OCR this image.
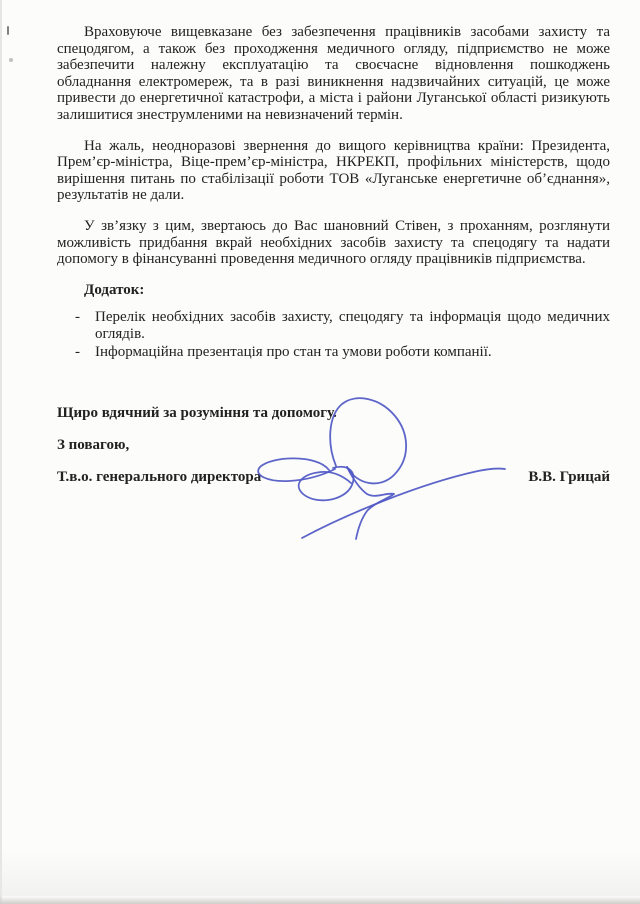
Враховуюче вищевказане без забезпечення працівників засобами захисту та спецодягом, а також без проходження медичного огляду, підприємство не може забезпечити належну експлуатацію та своєчасне відновлення пошкоджень обладнання електромереж, та в разі виникнення надзвичайних ситуацій, це може привести до енергетичної катастрофи, а міста і райони Луганської області ризикують залишитися знеструмленими на невизначений термін.

На жаль, неодноразові звернення до вищого керівництва країни: Президента, Прем’єр-міністра, Віце-прем’єр-міністра, НКРЕКП, профільних міністерств, щодо вирішення питань по стабілізації роботи ТОВ «Луганське енергетичне об’єднання», результатів не дали.

У зв’язку з цим, звертаюсь до Вас шановний Стівен, з проханням, розглянути можливість придбання вкрай необхідних засобів захисту та спецодягу та надати допомогу в фінансуванні проведення медичного огляду працівників підприємства.

Додаток:

-	Перелік необхідних засобів захисту, спецодягу та інформація щодо медичних оглядів.
-	Інформаційна презентація про стан та умови роботи компанії.

Щиро вдячний за розуміння та допомогу.

З повагою,

Т.в.о. генерального директора	В.В. Грицай
